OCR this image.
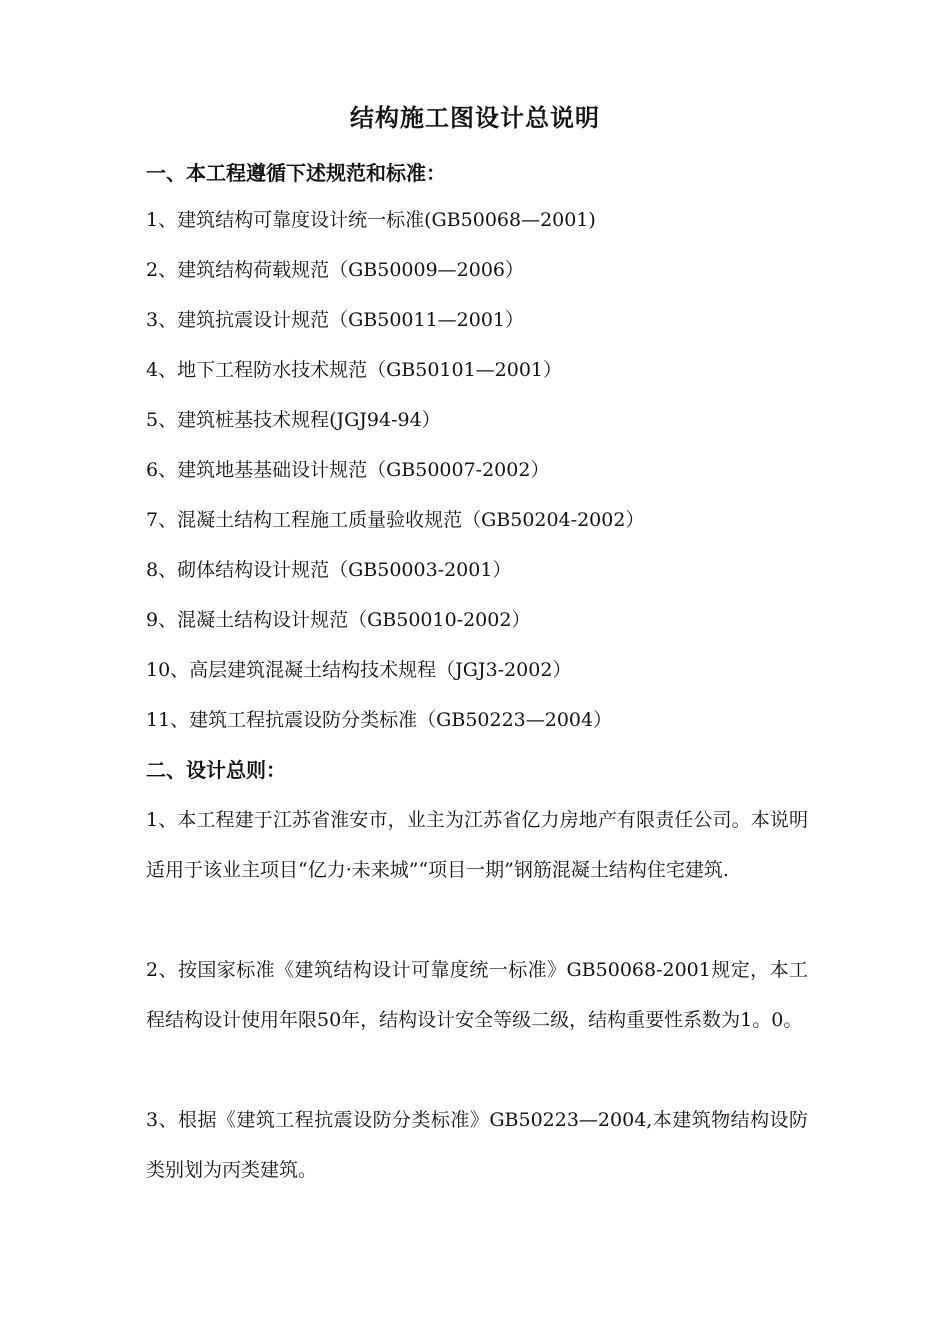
结构施工图设计总说明
一、本工程遵循下述规范和标准：
1、建筑结构可靠度设计统一标准(GB50068—2001)
2、建筑结构荷载规范（GB50009—2006）
3、建筑抗震设计规范（GB50011—2001）
4、地下工程防水技术规范（GB50101—2001）
5、建筑桩基技术规程(JGJ94-94）
6、建筑地基基础设计规范（GB50007-2002）
7、混凝土结构工程施工质量验收规范（GB50204-2002）
8、砌体结构设计规范（GB50003-2001）
9、混凝土结构设计规范（GB50010-2002）
10、高层建筑混凝土结构技术规程（JGJ3-2002）
11、建筑工程抗震设防分类标准（GB50223—2004）
二、设计总则：
1、本工程建于江苏省淮安市，业主为江苏省亿力房地产有限责任公司。本说明适用于该业主项目“亿力·未来城”“项目一期”钢筋混凝土结构住宅建筑.
2、按国家标准《建筑结构设计可靠度统一标准》GB50068-2001规定，本工程结构设计使用年限50年，结构设计安全等级二级，结构重要性系数为1。0。
3、根据《建筑工程抗震设防分类标准》GB50223—2004,本建筑物结构设防类别划为丙类建筑。
